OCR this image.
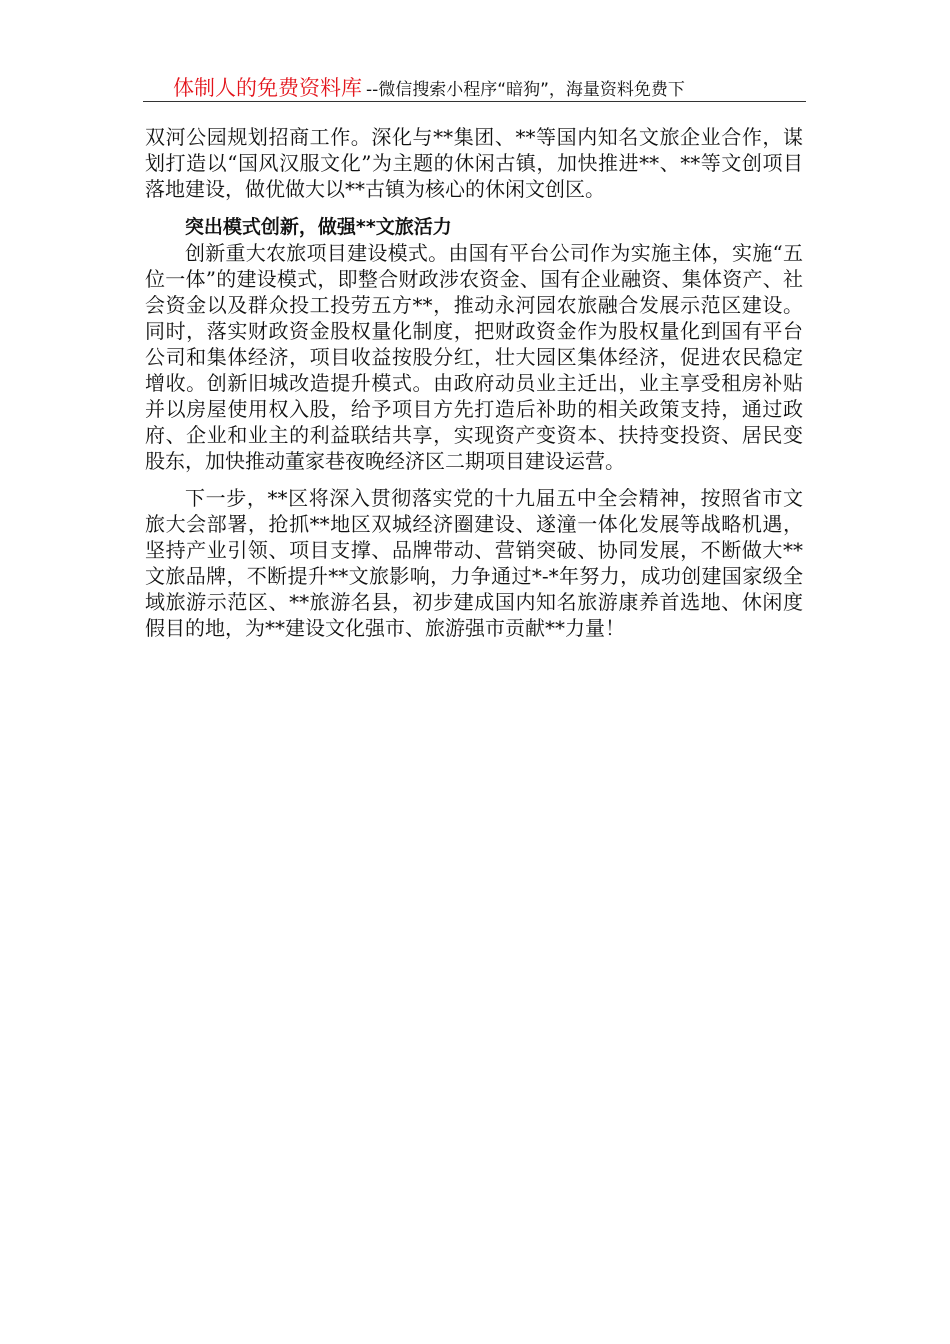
体制人的免费资料库 --微信搜索小程序“暗狗”，海量资料免费下

双河公园规划招商工作。深化与**集团、**等国内知名文旅企业合作，谋划打造以“国风汉服文化”为主题的休闲古镇，加快推进**、**等文创项目落地建设，做优做大以**古镇为核心的休闲文创区。

突出模式创新，做强**文旅活力

创新重大农旅项目建设模式。由国有平台公司作为实施主体，实施“五位一体”的建设模式，即整合财政涉农资金、国有企业融资、集体资产、社会资金以及群众投工投劳五方**，推动永河园农旅融合发展示范区建设。同时，落实财政资金股权量化制度，把财政资金作为股权量化到国有平台公司和集体经济，项目收益按股分红，壮大园区集体经济，促进农民稳定增收。创新旧城改造提升模式。由政府动员业主迁出，业主享受租房补贴并以房屋使用权入股，给予项目方先打造后补助的相关政策支持，通过政府、企业和业主的利益联结共享，实现资产变资本、扶持变投资、居民变股东，加快推动董家巷夜晚经济区二期项目建设运营。

下一步，**区将深入贯彻落实党的十九届五中全会精神，按照省市文旅大会部署，抢抓**地区双城经济圈建设、遂潼一体化发展等战略机遇，坚持产业引领、项目支撑、品牌带动、营销突破、协同发展，不断做大**文旅品牌，不断提升**文旅影响，力争通过*-*年努力，成功创建国家级全域旅游示范区、**旅游名县，初步建成国内知名旅游康养首选地、休闲度假目的地，为**建设文化强市、旅游强市贡献**力量！
